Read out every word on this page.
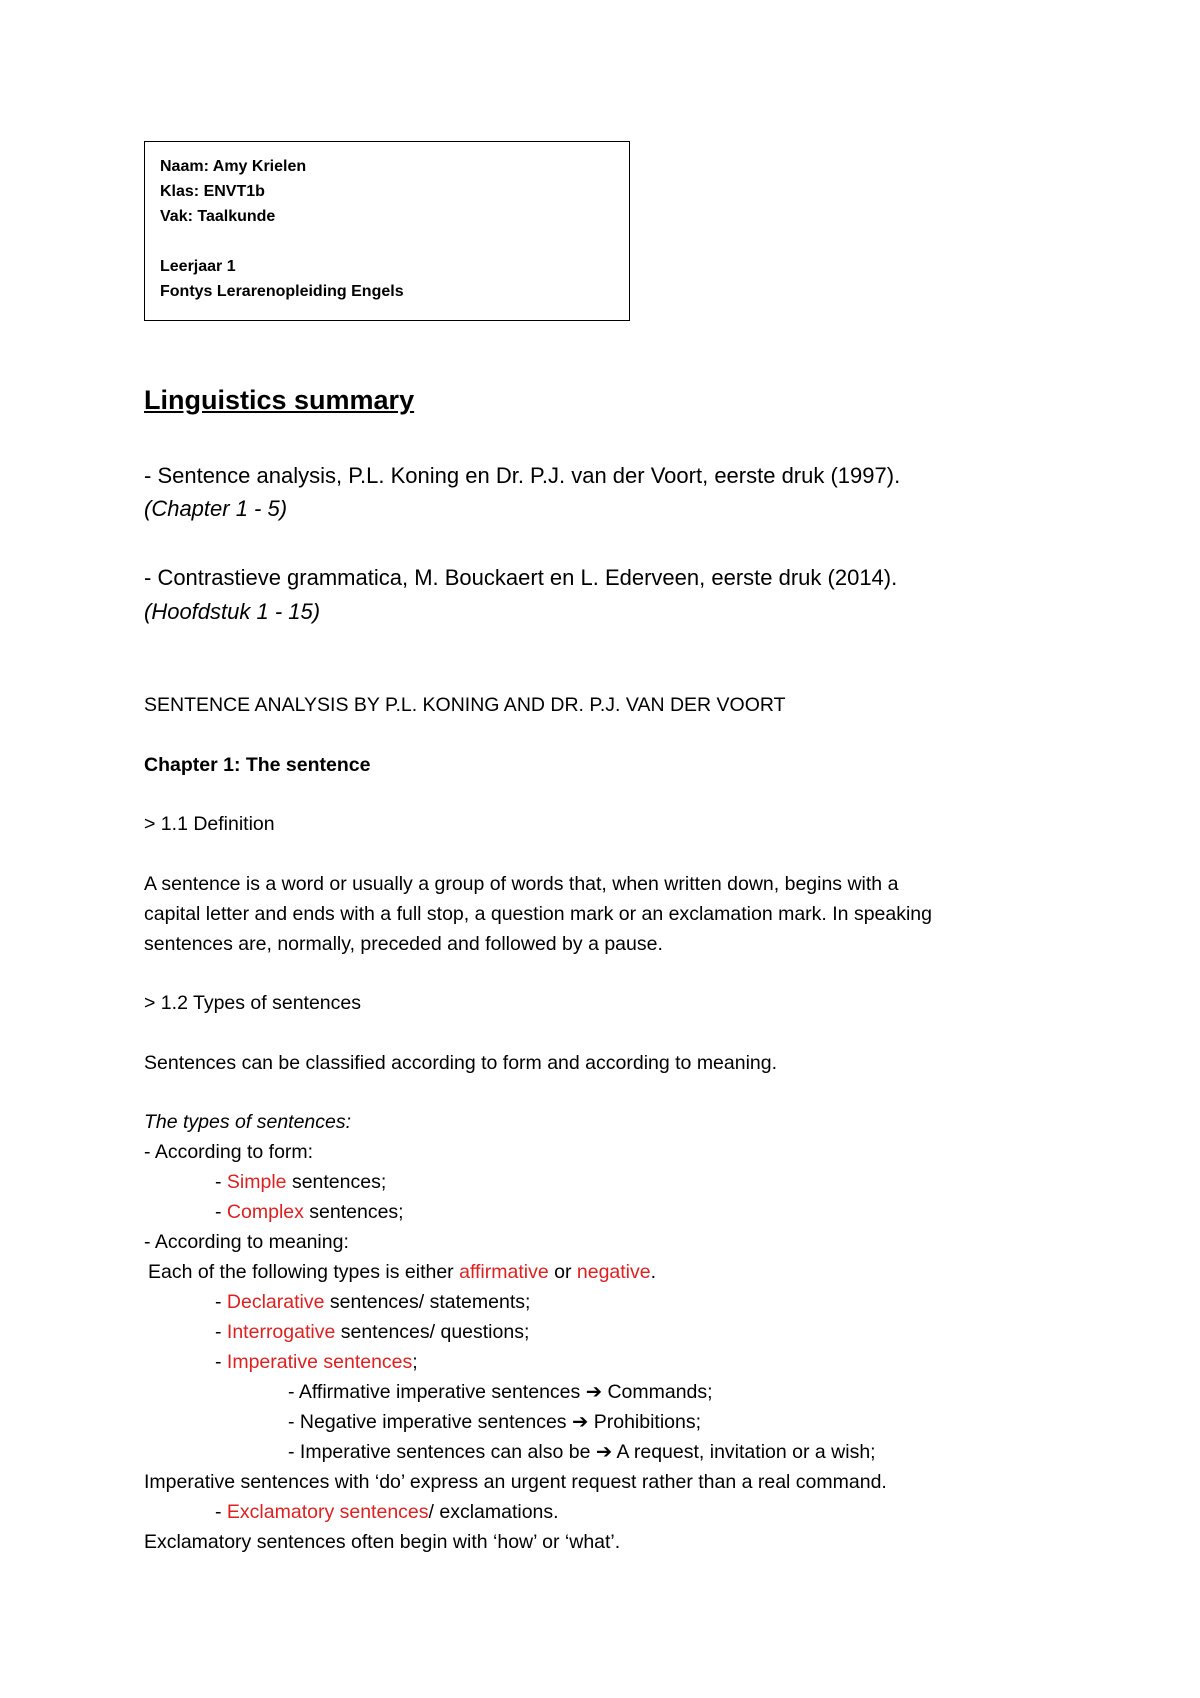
Naam: Amy Krielen
Klas: ENVT1b
Vak: Taalkunde
Leerjaar 1
Fontys Lerarenopleiding Engels
Linguistics summary
- Sentence analysis, P.L. Koning en Dr. P.J. van der Voort, eerste druk (1997).
(Chapter 1 - 5)
- Contrastieve grammatica, M. Bouckaert en L. Ederveen, eerste druk (2014).
(Hoofdstuk 1 - 15)
SENTENCE ANALYSIS BY P.L. KONING AND DR. P.J. VAN DER VOORT
Chapter 1: The sentence
> 1.1 Definition
A sentence is a word or usually a group of words that, when written down, begins with a
capital letter and ends with a full stop, a question mark or an exclamation mark. In speaking
sentences are, normally, preceded and followed by a pause.
> 1.2 Types of sentences
Sentences can be classified according to form and according to meaning.
The types of sentences:
- According to form:
- Simple sentences;
- Complex sentences;
- According to meaning:
Each of the following types is either affirmative or negative.
- Declarative sentences/ statements;
- Interrogative sentences/ questions;
- Imperative sentences;
- Affirmative imperative sentences ➔ Commands;
- Negative imperative sentences ➔ Prohibitions;
- Imperative sentences can also be ➔ A request, invitation or a wish;
Imperative sentences with ‘do’ express an urgent request rather than a real command.
- Exclamatory sentences/ exclamations.
Exclamatory sentences often begin with ‘how’ or ‘what’.
